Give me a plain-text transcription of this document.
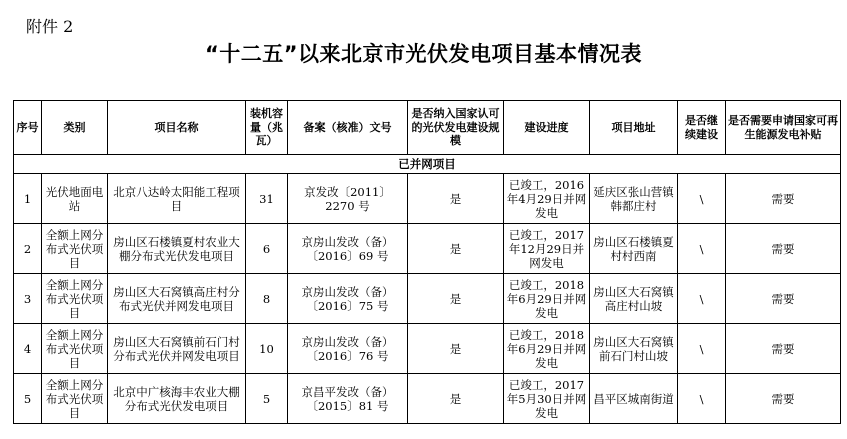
附件 2
“十二五”以来北京市光伏发电项目基本情况表
序号	类别	项目名称	装机容量（兆瓦）	备案（核准）文号	是否纳入国家认可的光伏发电建设规模	建设进度	项目地址	是否继续建设	是否需要申请国家可再生能源发电补贴
已并网项目									
1	光伏地面电站	北京八达岭太阳能工程项目	31	京发改〔2011〕2270 号	是	已竣工，2016年4月29日并网发电	延庆区张山营镇韩都庄村	\	需要
2	全额上网分布式光伏项目	房山区石楼镇夏村农业大棚分布式光伏发电项目	6	京房山发改（备）〔2016〕69 号	是	已竣工，2017年12月29日并网发电	房山区石楼镇夏村村西南	\	需要
3	全额上网分布式光伏项目	房山区大石窝镇高庄村分布式光伏并网发电项目	8	京房山发改（备）〔2016〕75 号	是	已竣工，2018年6月29日并网发电	房山区大石窝镇高庄村山坡	\	需要
4	全额上网分布式光伏项目	房山区大石窝镇前石门村分布式光伏并网发电项目	10	京房山发改（备）〔2016〕76 号	是	已竣工，2018年6月29日并网发电	房山区大石窝镇前石门村山坡	\	需要
5	全额上网分布式光伏项目	北京中广核海丰农业大棚分布式光伏发电项目	5	京昌平发改（备）〔2015〕81 号	是	已竣工，2017年5月30日并网发电	昌平区城南街道	\	需要
